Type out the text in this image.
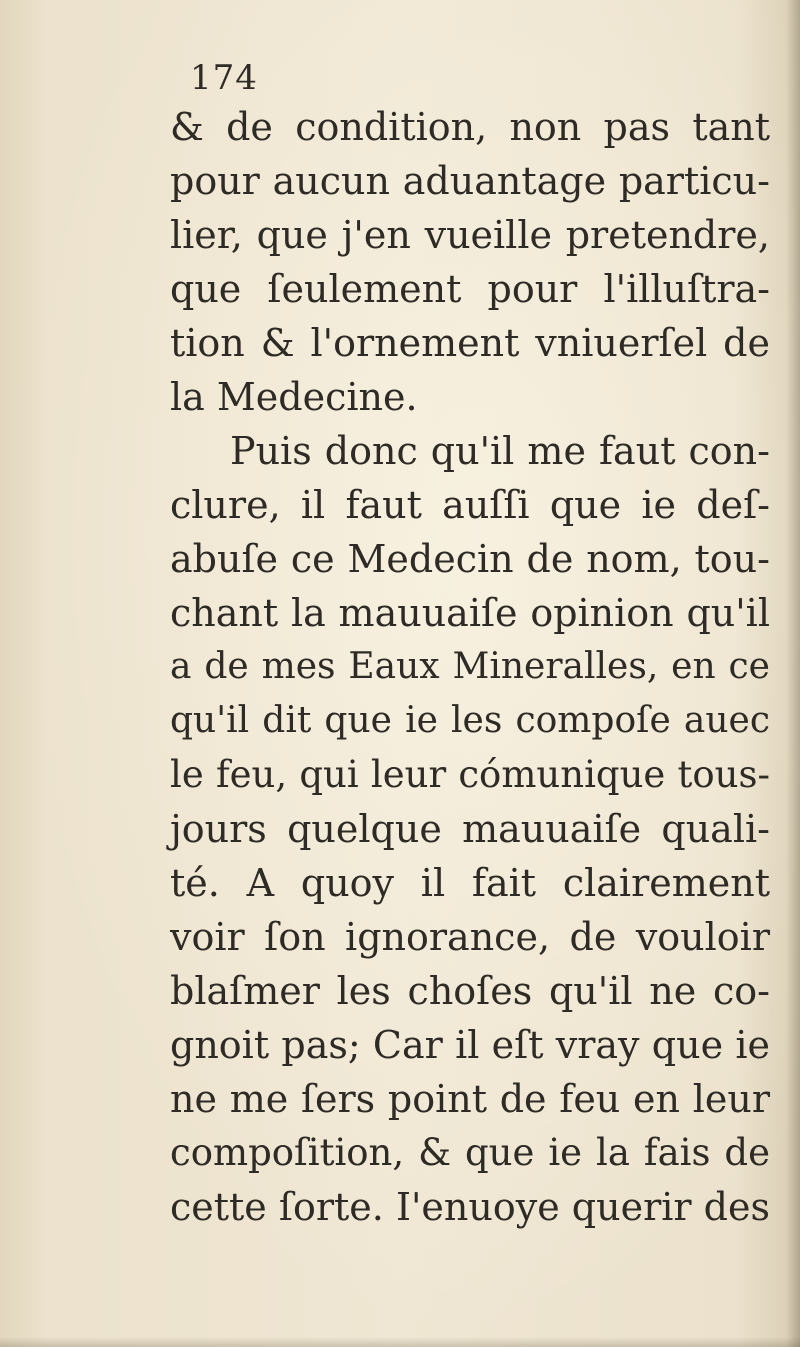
174
& de condition, non pas tant
pour aucun aduantage particu-
lier, que j'en vueille pretendre,
que ſeulement pour l'illuſtra-
tion & l'ornement vniuerſel de
la Medecine.
Puis donc qu'il me faut con-
clure, il faut auſſi que ie deſ-
abuſe ce Medecin de nom, tou-
chant la mauuaiſe opinion qu'il
a de mes Eaux Mineralles, en ce
qu'il dit que ie les compoſe auec
le feu, qui leur cómunique tous-
jours quelque mauuaiſe quali-
té. A quoy il fait clairement
voir ſon ignorance, de vouloir
blaſmer les choſes qu'il ne co-
gnoit pas; Car il eſt vray que ie
ne me ſers point de feu en leur
compoſition, & que ie la fais de
cette ſorte. I'enuoye querir des
